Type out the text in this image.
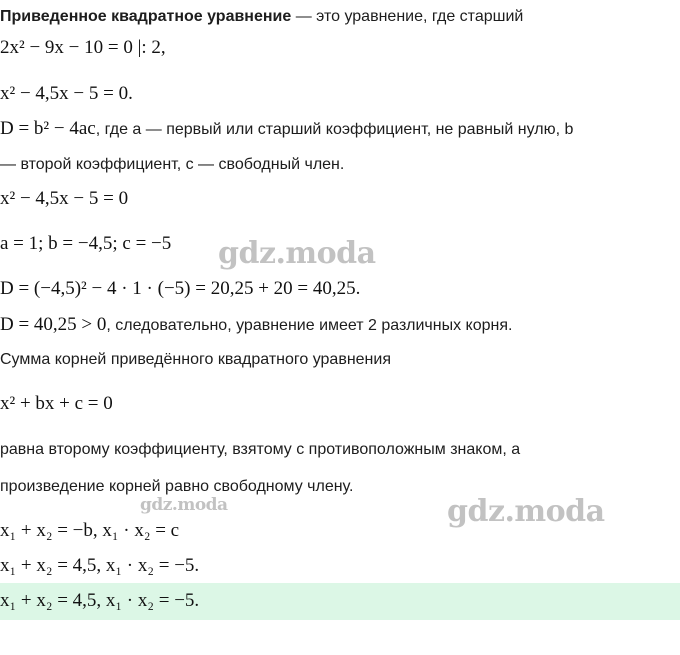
Приведенное квадратное уравнение — это уравнение, где старший
2x² − 9x − 10 = 0 |: 2,
x² − 4,5x − 5 = 0.
D = b² − 4ac, где a — первый или старший коэффициент, не равный нулю, b
— второй коэффициент, c — свободный член.
x² − 4,5x − 5 = 0
a = 1; b = −4,5; c = −5
D = (−4,5)² − 4 · 1 · (−5) = 20,25 + 20 = 40,25.
D = 40,25 > 0, следовательно, уравнение имеет 2 различных корня.
Сумма корней приведённого квадратного уравнения
x² + bx + c = 0
равна второму коэффициенту, взятому с противоположным знаком, а
произведение корней равно свободному члену.
x₁ + x₂ = −b, x₁ · x₂ = c
x₁ + x₂ = 4,5, x₁ · x₂ = −5.
x₁ + x₂ = 4,5, x₁ · x₂ = −5.
gdz.moda
gdz.moda	gdz.moda
